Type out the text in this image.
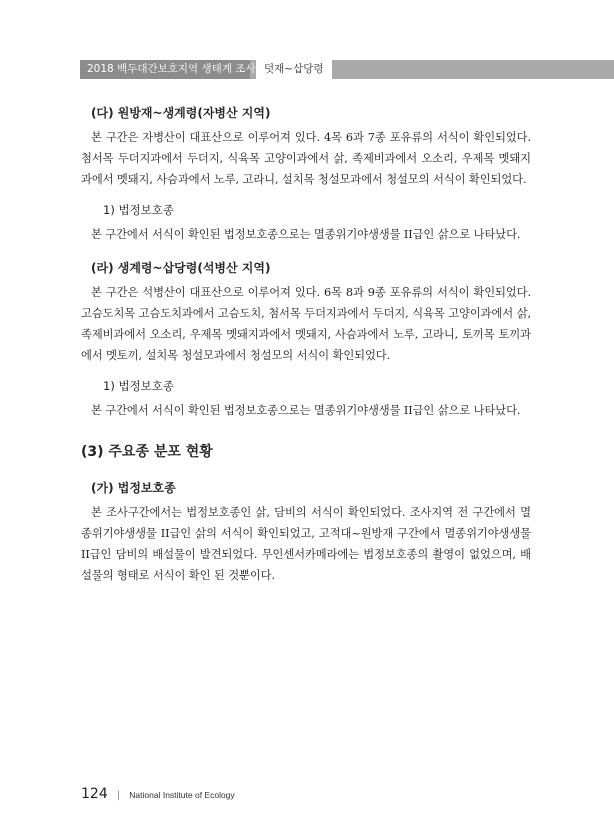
2018 백두대간보호지역 생태계 조사 덧재~삽당령
(다) 원방재~생계령(자병산 지역)

본 구간은 자병산이 대표산으로 이루어져 있다. 4목 6과 7종 포유류의 서식이 확인되었다. 첨서목 두더지과에서 두더지, 식육목 고양이과에서 삵, 족제비과에서 오소리, 우제목 멧돼지과에서 멧돼지, 사슴과에서 노루, 고라니, 설치목 청설모과에서 청설모의 서식이 확인되었다.

1) 법정보호종

본 구간에서 서식이 확인된 법정보호종으로는 멸종위기야생생물 II급인 삵으로 나타났다.

(라) 생계령~삽당령(석병산 지역)

본 구간은 석병산이 대표산으로 이루어져 있다. 6목 8과 9종 포유류의 서식이 확인되었다. 고슴도치목 고슴도치과에서 고슴도치, 첨서목 두더지과에서 두더지, 식육목 고양이과에서 삵, 족제비과에서 오소리, 우제목 멧돼지과에서 멧돼지, 사슴과에서 노루, 고라니, 토끼목 토끼과에서 멧토끼, 설치목 청설모과에서 청설모의 서식이 확인되었다.

1) 법정보호종

본 구간에서 서식이 확인된 법정보호종으로는 멸종위기야생생물 II급인 삵으로 나타났다.

(3) 주요종 분포 현황
(가) 법정보호종

본 조사구간에서는 법정보호종인 삵, 담비의 서식이 확인되었다. 조사지역 전 구간에서 멸종위기야생생물 II급인 삵의 서식이 확인되었고, 고적대~원방재 구간에서 멸종위기야생생물 II급인 담비의 배설물이 발견되었다. 무인센서카메라에는 법정보호종의 촬영이 없었으며, 배설물의 형태로 서식이 확인 된 것뿐이다.

124 | National Institute of Ecology
